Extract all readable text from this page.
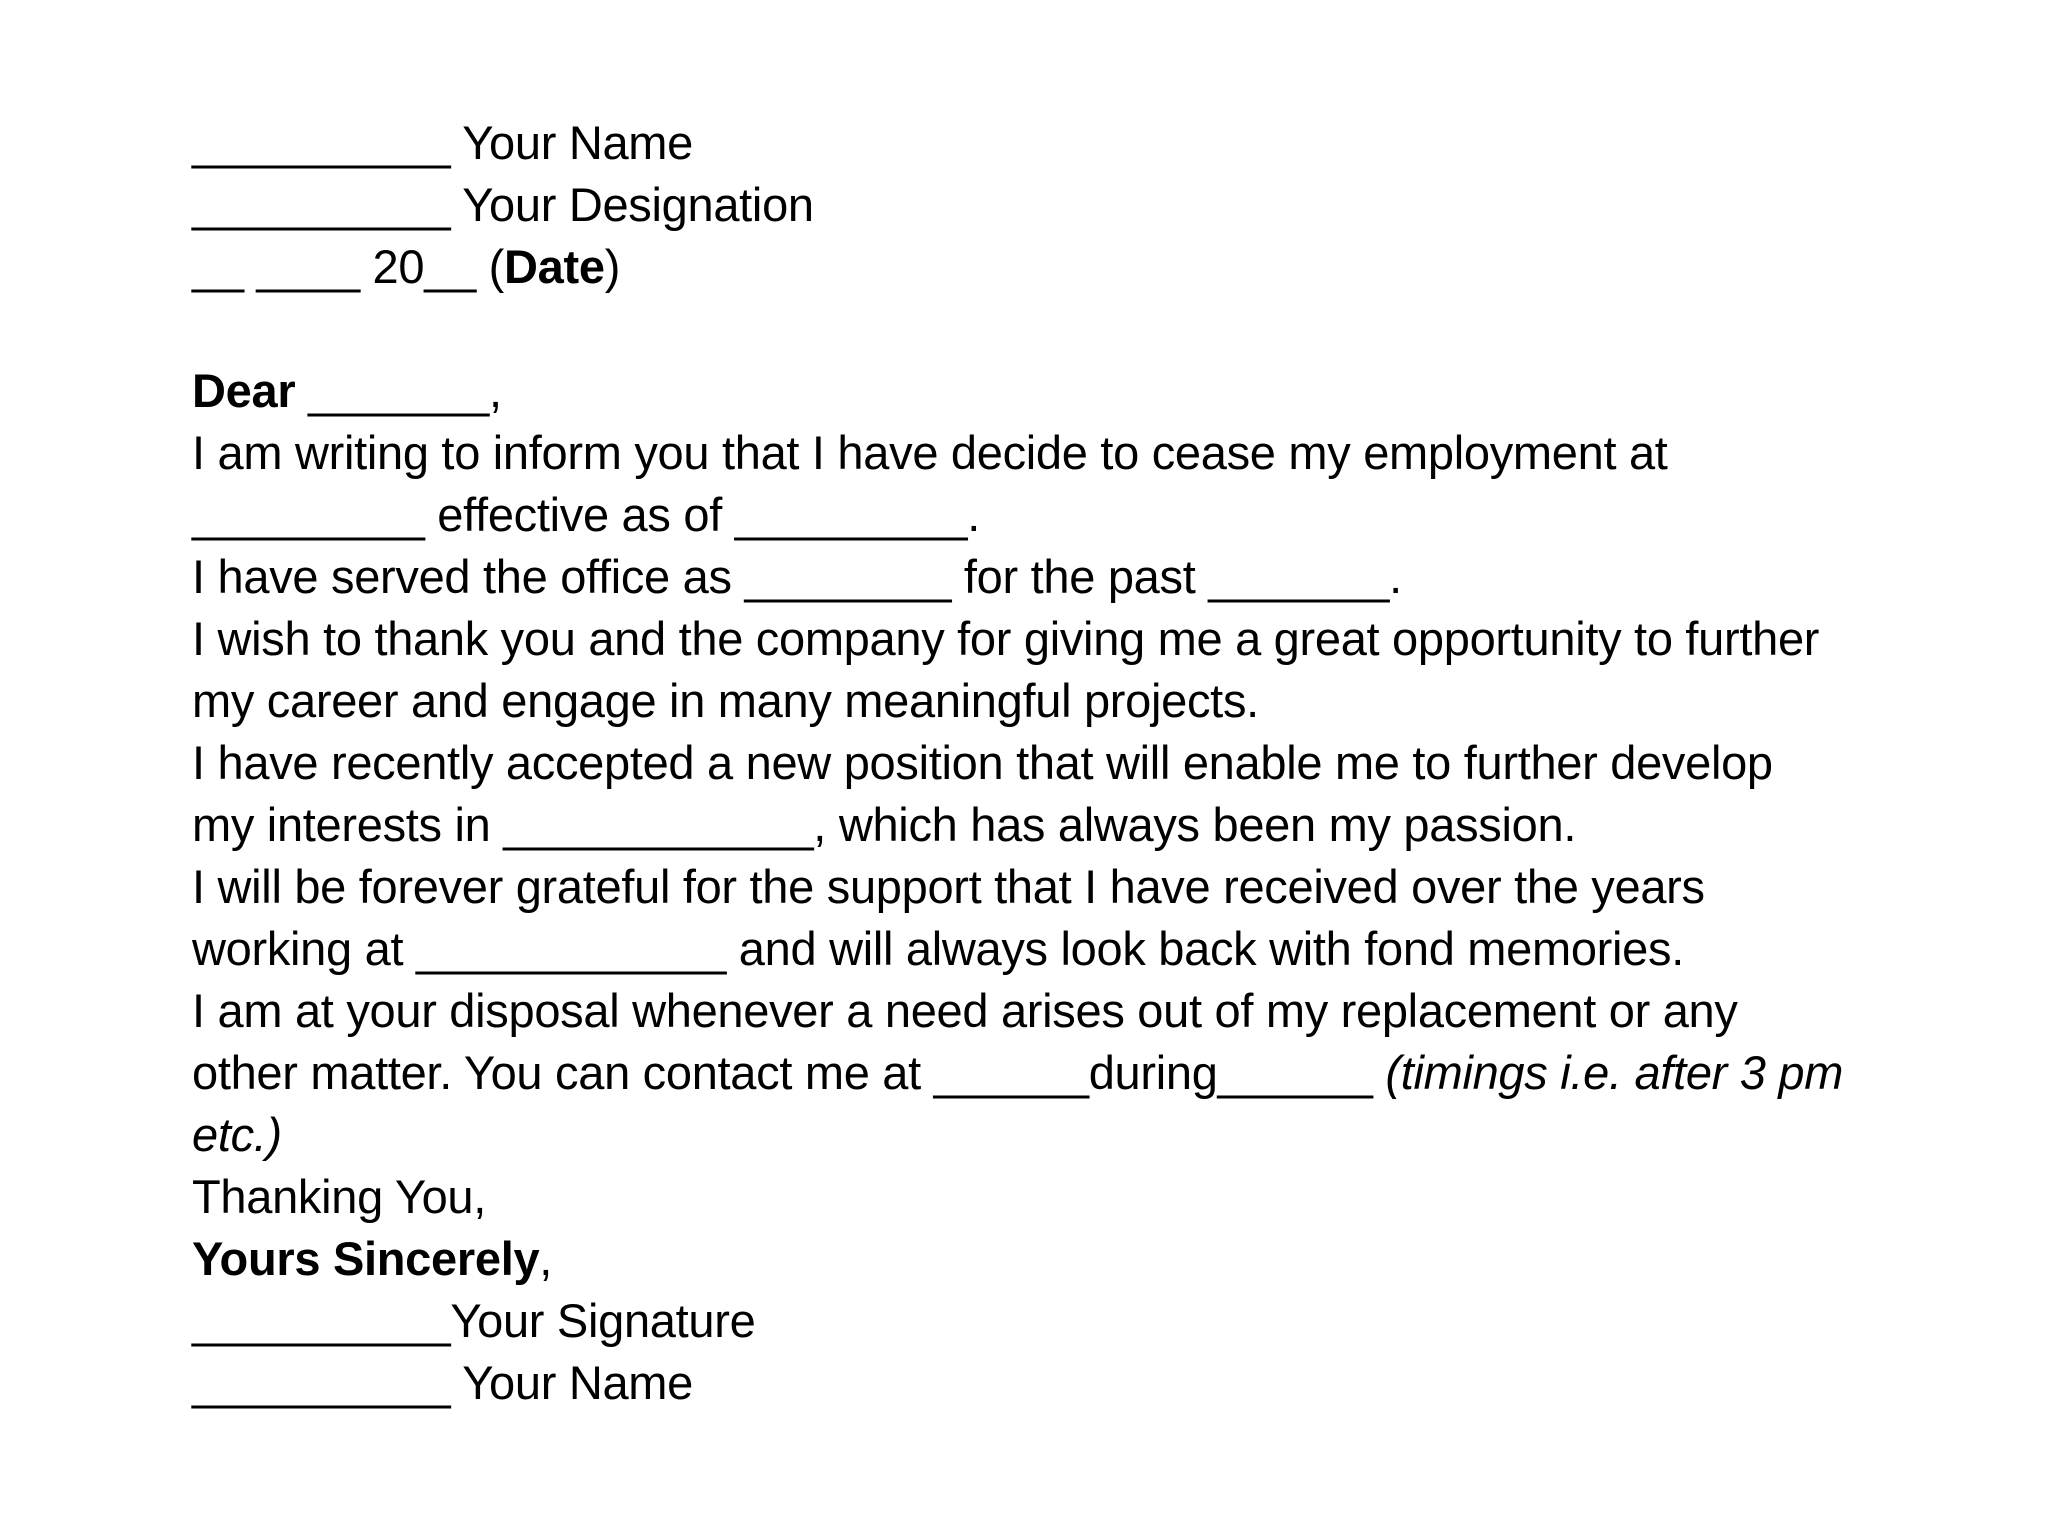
__________ Your Name
__________ Your Designation
__ ____ 20__ (Date)
Dear _______,
I am writing to inform you that I have decide to cease my employment at
_________ effective as of _________.
I have served the office as ________ for the past _______.
I wish to thank you and the company for giving me a great opportunity to further
my career and engage in many meaningful projects.
I have recently accepted a new position that will enable me to further develop
my interests in ____________, which has always been my passion.
I will be forever grateful for the support that I have received over the years
working at ____________ and will always look back with fond memories.
I am at your disposal whenever a need arises out of my replacement or any
other matter. You can contact me at ______during______ (timings i.e. after 3 pm
etc.)
Thanking You,
Yours Sincerely,
__________Your Signature
__________ Your Name
